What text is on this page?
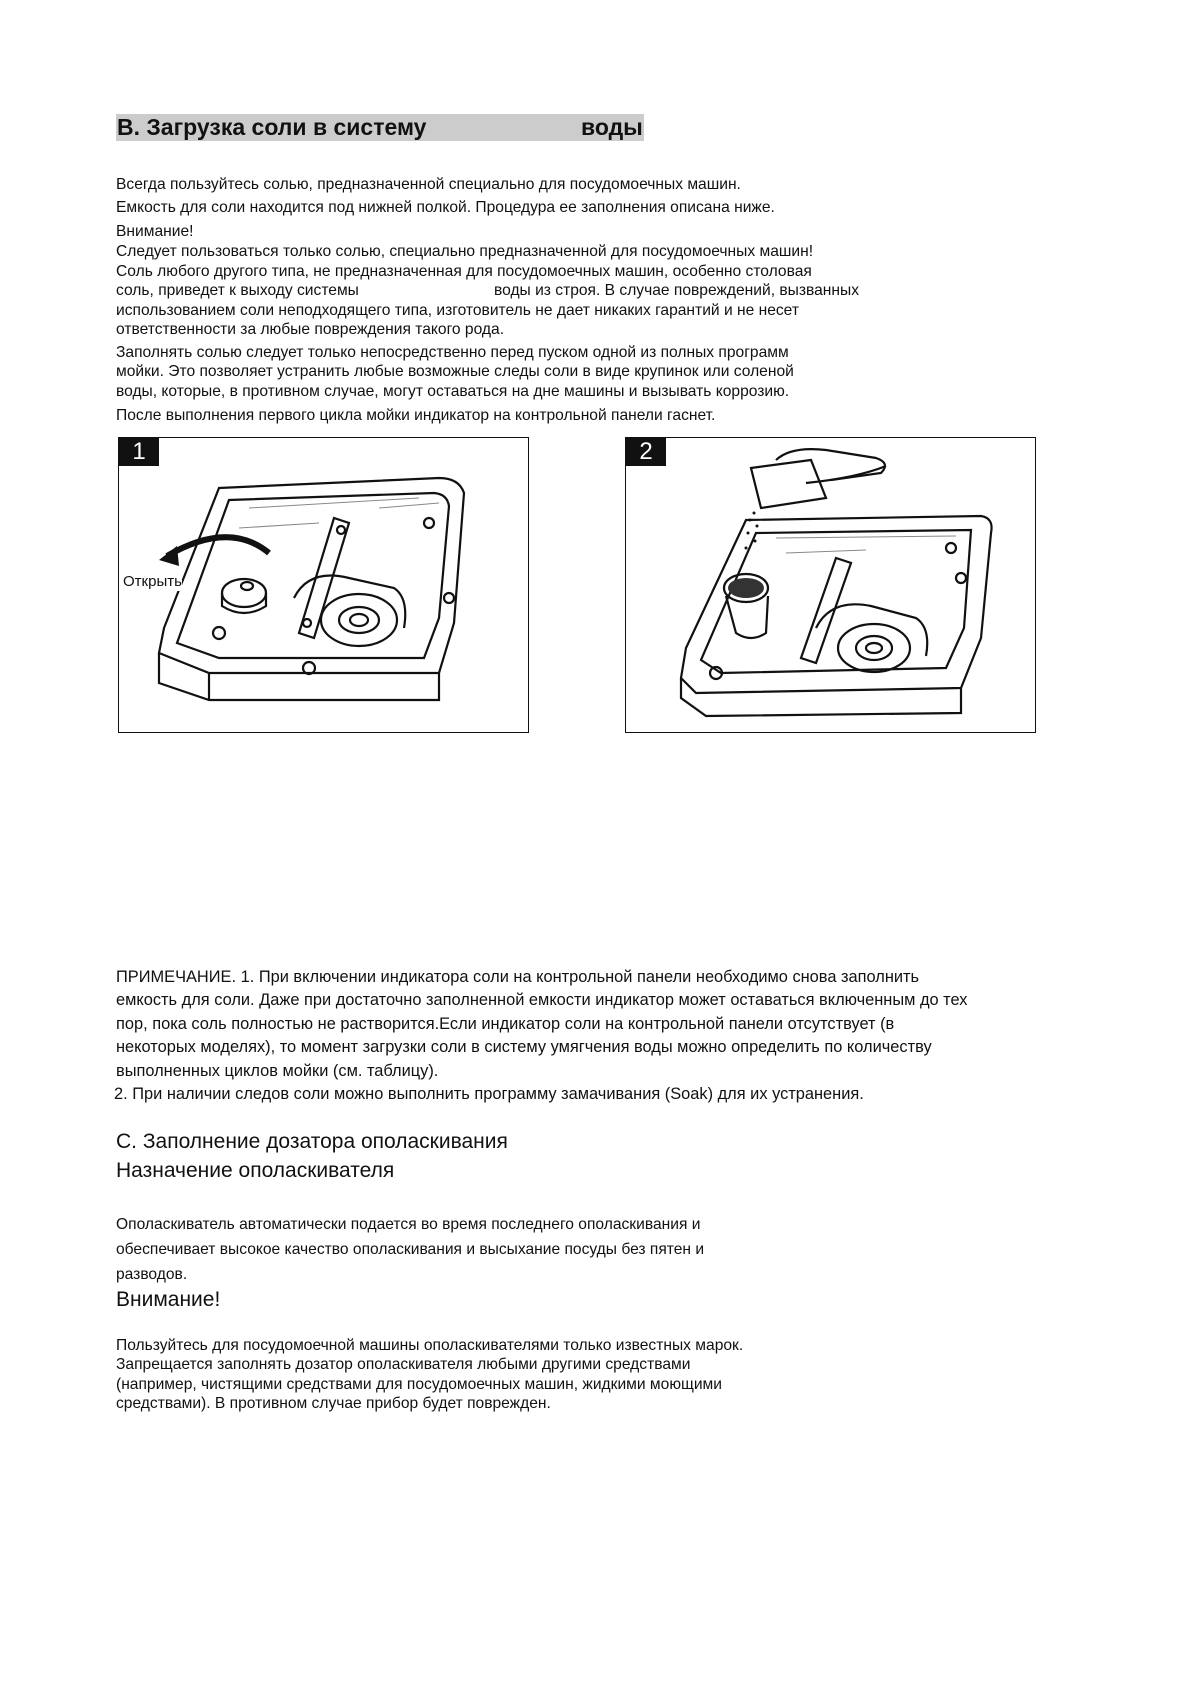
B. Загрузка соли в систему	воды
Всегда пользуйтесь солью, предназначенной специально для посудомоечных машин.
Емкость для соли находится под нижней полкой. Процедура ее заполнения описана ниже.
Внимание!
Следует пользоваться только солью, специально предназначенной для посудомоечных машин!
Соль любого другого типа, не предназначенная для посудомоечных машин, особенно столовая
соль, приведет к выходу системы	воды из строя. В случае повреждений, вызванных
использованием соли неподходящего типа, изготовитель не дает никаких гарантий и не несет
ответственности за любые повреждения такого рода.
Заполнять солью следует только непосредственно перед пуском одной из полных программ
мойки. Это позволяет устранить любые возможные следы соли в виде крупинок или соленой
воды, которые, в противном случае, могут оставаться на дне машины и вызывать коррозию.
После выполнения первого цикла мойки индикатор на контрольной панели гаснет.
1
Открыть
2
ПРИМЕЧАНИЕ. 1. При включении индикатора соли на контрольной панели необходимо снова заполнить
емкость для соли. Даже при достаточно заполненной емкости индикатор может оставаться включенным до тех
пор, пока соль полностью не растворится.Если индикатор соли на контрольной панели отсутствует (в
некоторых моделях), то момент загрузки соли в систему умягчения воды можно определить по количеству
выполненных циклов мойки (см. таблицу).
2. При наличии следов соли можно выполнить программу замачивания (Soak) для их устранения.
C. Заполнение дозатора ополаскивания
Назначение ополаскивателя
Ополаскиватель автоматически подается во время последнего ополаскивания и
обеспечивает высокое качество ополаскивания и высыхание посуды без пятен и
разводов.
Внимание!
Пользуйтесь для посудомоечной машины ополаскивателями только известных марок.
Запрещается заполнять дозатор ополаскивателя любыми другими средствами
(например, чистящими средствами для посудомоечных машин, жидкими моющими
средствами). В противном случае прибор будет поврежден.
